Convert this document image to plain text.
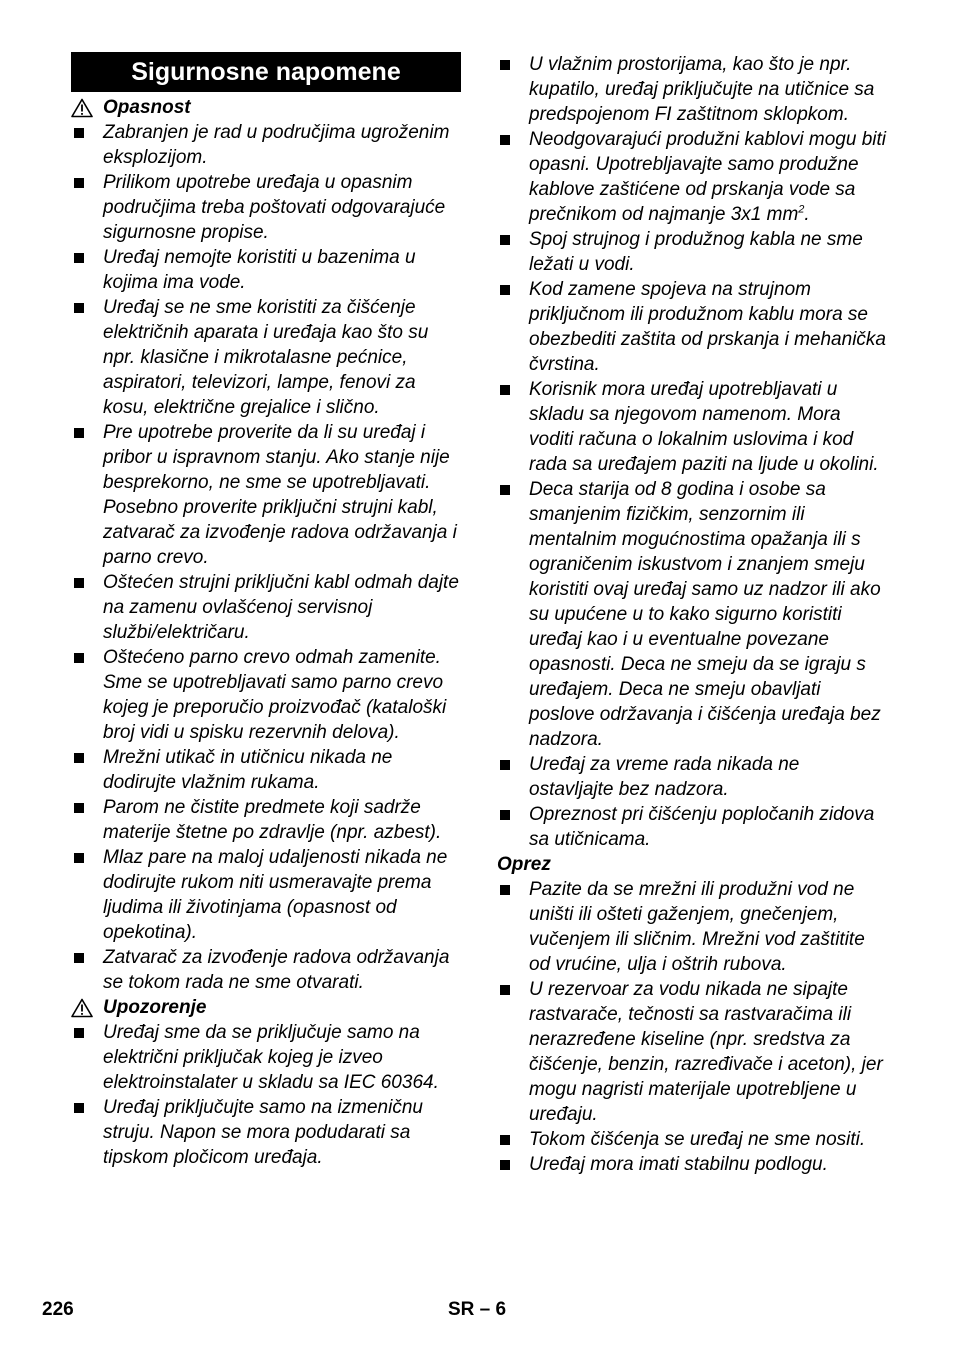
Sigurnosne napomene
Opasnost
Zabranjen je rad u područjima ugroženim eksplozijom.
Prilikom upotrebe uređaja u opasnim područjima treba poštovati odgovarajuće sigurnosne propise.
Uređaj nemojte koristiti u bazenima u kojima ima vode.
Uređaj se ne sme koristiti za čišćenje električnih aparata i uređaja kao što su npr. klasične i mikrotalasne pećnice, aspiratori, televizori, lampe, fenovi za kosu, električne grejalice i slično.
Pre upotrebe proverite da li su uređaj i pribor u ispravnom stanju. Ako stanje nije besprekorno, ne sme se upotrebljavati. Posebno proverite priključni strujni kabl, zatvarač za izvođenje radova održavanja i parno crevo.
Oštećen strujni priključni kabl odmah dajte na zamenu ovlašćenoj servisnoj službi/električaru.
Oštećeno parno crevo odmah zamenite. Sme se upotrebljavati samo parno crevo kojeg je preporučio proizvođač (kataloški broj vidi u spisku rezervnih delova).
Mrežni utikač in utičnicu nikada ne dodirujte vlažnim rukama.
Parom ne čistite predmete koji sadrže materije štetne po zdravlje (npr. azbest).
Mlaz pare na maloj udaljenosti nikada ne dodirujte rukom niti usmeravajte prema ljudima ili životinjama (opasnost od opekotina).
Zatvarač za izvođenje radova održavanja se tokom rada ne sme otvarati.
Upozorenje
Uređaj sme da se priključuje samo na električni priključak kojeg je izveo elektroinstalater u skladu sa IEC 60364.
Uređaj priključujte samo na izmeničnu struju. Napon se mora podudarati sa tipskom pločicom uređaja.
U vlažnim prostorijama, kao što je npr. kupatilo, uređaj priključujte na utičnice sa predspojenom FI zaštitnom sklopkom.
Neodgovarajući produžni kablovi mogu biti opasni. Upotrebljavajte samo produžne kablove zaštićene od prskanja vode sa prečnikom od najmanje 3x1 $mm^2$.
Spoj strujnog i produžnog kabla ne sme ležati u vodi.
Kod zamene spojeva na strujnom priključnom ili produžnom kablu mora se obezbediti zaštita od prskanja i mehanička čvrstina.
Korisnik mora uređaj upotrebljavati u skladu sa njegovom namenom. Mora voditi računa o lokalnim uslovima i kod rada sa uređajem paziti na ljude u okolini.
Deca starija od 8 godina i osobe sa smanjenim fizičkim, senzornim ili mentalnim mogućnostima opažanja ili s ograničenim iskustvom i znanjem smeju koristiti ovaj uređaj samo uz nadzor ili ako su upućene u to kako sigurno koristiti uređaj kao i u eventualne povezane opasnosti. Deca ne smeju da se igraju s uređajem. Deca ne smeju obavljati poslove održavanja i čišćenja uređaja bez nadzora.
Uređaj za vreme rada nikada ne ostavljajte bez nadzora.
Opreznost pri čišćenju popločanih zidova sa utičnicama.
Oprez
Pazite da se mrežni ili produžni vod ne uništi ili ošteti gaženjem, gnečenjem, vučenjem ili sličnim. Mrežni vod zaštitite od vrućine, ulja i oštrih rubova.
U rezervoar za vodu nikada ne sipajte rastvarače, tečnosti sa rastvaračima ili nerazređene kiseline (npr. sredstva za čišćenje, benzin, razređivače i aceton), jer mogu nagristi materijale upotrebljene u uređaju.
Tokom čišćenja se uređaj ne sme nositi.
Uređaj mora imati stabilnu podlogu.
226	SR – 6
